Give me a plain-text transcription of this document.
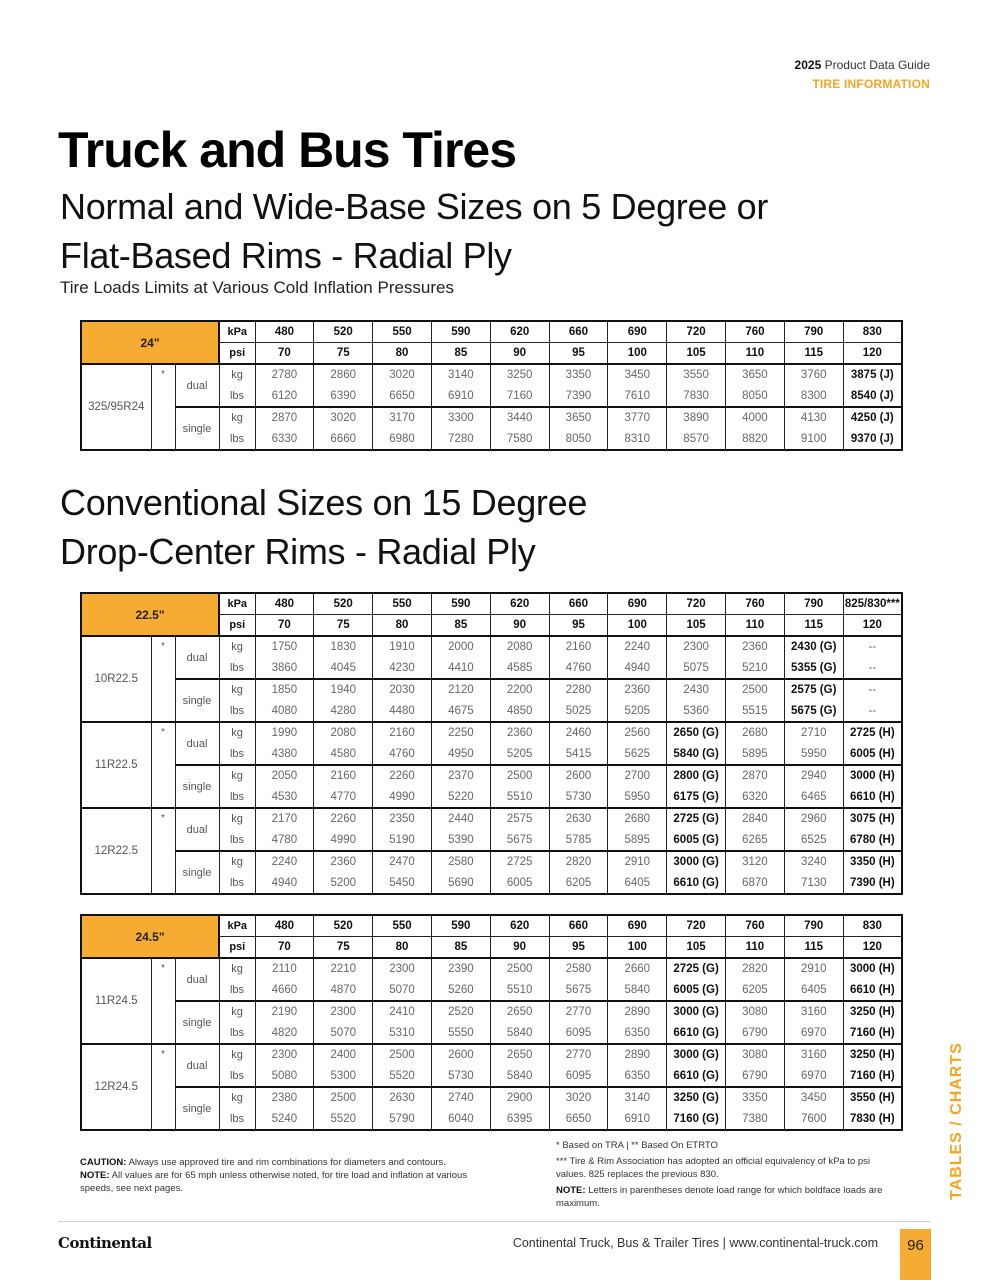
2025 Product Data Guide
TIRE INFORMATION
Truck and Bus Tires
Normal and Wide-Base Sizes on 5 Degree or
Flat-Based Rims - Radial Ply
Tire Loads Limits at Various Cold Inflation Pressures
24"			kPa	480	520	550	590	620	660	690	720	760	790	830
			psi	70	75	80	85	90	95	100	105	110	115	120
325/95R24	*	dual	kg	2780	2860	3020	3140	3250	3350	3450	3550	3650	3760	3875 (J)
			lbs	6120	6390	6650	6910	7160	7390	7610	7830	8050	8300	8540 (J)
		single	kg	2870	3020	3170	3300	3440	3650	3770	3890	4000	4130	4250 (J)
			lbs	6330	6660	6980	7280	7580	8050	8310	8570	8820	9100	9370 (J)
Conventional Sizes on 15 Degree
Drop-Center Rims - Radial Ply
22.5"			kPa	480	520	550	590	620	660	690	720	760	790	825/830***
			psi	70	75	80	85	90	95	100	105	110	115	120
10R22.5	*	dual	kg	1750	1830	1910	2000	2080	2160	2240	2300	2360	2430 (G)	--
			lbs	3860	4045	4230	4410	4585	4760	4940	5075	5210	5355 (G)	--
		single	kg	1850	1940	2030	2120	2200	2280	2360	2430	2500	2575 (G)	--
			lbs	4080	4280	4480	4675	4850	5025	5205	5360	5515	5675 (G)	--
11R22.5	*	dual	kg	1990	2080	2160	2250	2360	2460	2560	2650 (G)	2680	2710	2725 (H)
			lbs	4380	4580	4760	4950	5205	5415	5625	5840 (G)	5895	5950	6005 (H)
		single	kg	2050	2160	2260	2370	2500	2600	2700	2800 (G)	2870	2940	3000 (H)
			lbs	4530	4770	4990	5220	5510	5730	5950	6175 (G)	6320	6465	6610 (H)
12R22.5	*	dual	kg	2170	2260	2350	2440	2575	2630	2680	2725 (G)	2840	2960	3075 (H)
			lbs	4780	4990	5190	5390	5675	5785	5895	6005 (G)	6265	6525	6780 (H)
		single	kg	2240	2360	2470	2580	2725	2820	2910	3000 (G)	3120	3240	3350 (H)
			lbs	4940	5200	5450	5690	6005	6205	6405	6610 (G)	6870	7130	7390 (H)
24.5"			kPa	480	520	550	590	620	660	690	720	760	790	830
			psi	70	75	80	85	90	95	100	105	110	115	120
11R24.5	*	dual	kg	2110	2210	2300	2390	2500	2580	2660	2725 (G)	2820	2910	3000 (H)
			lbs	4660	4870	5070	5260	5510	5675	5840	6005 (G)	6205	6405	6610 (H)
		single	kg	2190	2300	2410	2520	2650	2770	2890	3000 (G)	3080	3160	3250 (H)
			lbs	4820	5070	5310	5550	5840	6095	6350	6610 (G)	6790	6970	7160 (H)
12R24.5	*	dual	kg	2300	2400	2500	2600	2650	2770	2890	3000 (G)	3080	3160	3250 (H)
			lbs	5080	5300	5520	5730	5840	6095	6350	6610 (G)	6790	6970	7160 (H)
		single	kg	2380	2500	2630	2740	2900	3020	3140	3250 (G)	3350	3450	3550 (H)
			lbs	5240	5520	5790	6040	6395	6650	6910	7160 (G)	7380	7600	7830 (H)
CAUTION: Always use approved tire and rim combinations for diameters and contours.
NOTE: All values are for 65 mph unless otherwise noted, for tire load and inflation at various speeds, see next pages.

* Based on TRA | ** Based On ETRTO

*** Tire & Rim Association has adopted an official equivalency of kPa to psi values. 825 replaces the previous 830.

NOTE: Letters in parentheses denote load range for which boldface loads are maximum.

TABLES / CHARTS
Continental	Continental Truck, Bus & Trailer Tires | www.continental-truck.com	96
